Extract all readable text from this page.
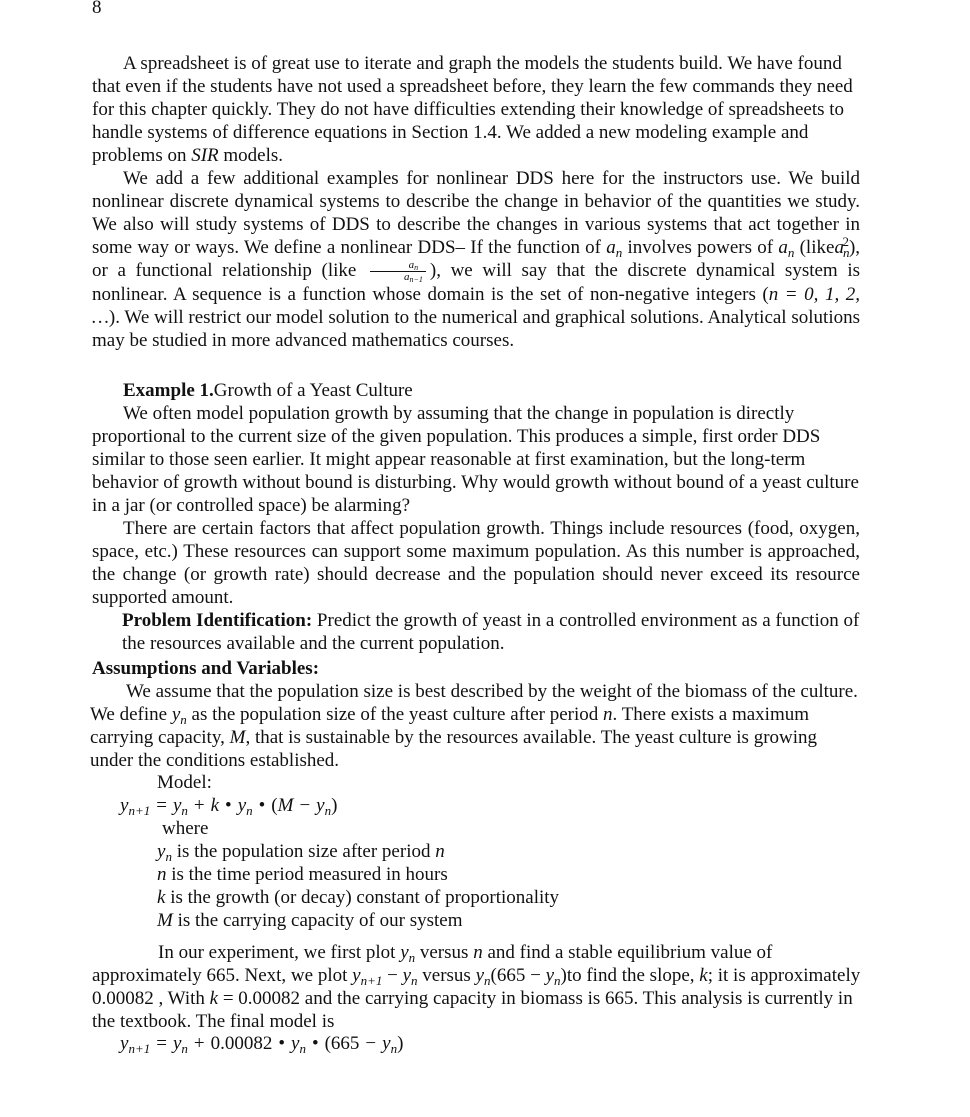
8

A spreadsheet is of great use to iterate and graph the models the students build. We have found that even if the students have not used a spreadsheet before, they learn the few commands they need for this chapter quickly. They do not have difficulties extending their knowledge of spreadsheets to handle systems of difference equations in Section 1.4. We added a new modeling example and problems on SIR models.

We add a few additional examples for nonlinear DDS here for the instructors use. We build nonlinear discrete dynamical systems to describe the change in behavior of the quantities we study. We also will study systems of DDS to describe the changes in various systems that act together in some way or ways. We define a nonlinear DDS– If the function of $a_n$ involves powers of $a_n$ (likea$_n^2$), or a functional relationship (like $\frac{a_n}{a_{n-1}}$ ), we will say that the discrete dynamical system is nonlinear. A sequence is a function whose domain is the set of non-negative integers (n = 0, 1, 2, …). We will restrict our model solution to the numerical and graphical solutions. Analytical solutions may be studied in more advanced mathematics courses.

Example 1.Growth of a Yeast Culture

We often model population growth by assuming that the change in population is directly proportional to the current size of the given population. This produces a simple, first order DDS similar to those seen earlier. It might appear reasonable at first examination, but the long-term behavior of growth without bound is disturbing. Why would growth without bound of a yeast culture in a jar (or controlled space) be alarming?

There are certain factors that affect population growth. Things include resources (food, oxygen, space, etc.) These resources can support some maximum population. As this number is approached, the change (or growth rate) should decrease and the population should never exceed its resource supported amount.

Problem Identification: Predict the growth of yeast in a controlled environment as a function of the resources available and the current population.

Assumptions and Variables:

We assume that the population size is best described by the weight of the biomass of the culture. We define $y_n$ as the population size of the yeast culture after period n. There exists a maximum carrying capacity, M, that is sustainable by the resources available. The yeast culture is growing under the conditions established.

Model:
$y_{n+1} = y_n + k$ • $y_n$ • $(M - y_n)$
where

$y_n$ is the population size after period n

n is the time period measured in hours

k is the growth (or decay) constant of proportionality

M is the carrying capacity of our system

In our experiment, we first plot $y_n$ versus n and find a stable equilibrium value of approximately 665. Next, we plot $y_{n+1} - y_n$ versus $y_n(665 - y_n)to$ find the slope, k; it is approximately 0.00082 , With k = 0.00082 and the carrying capacity in biomass is 665. This analysis is currently in the textbook. The final model is

$y_{n+1} = y_n + 0.00082$ • $y_n$ • $(665 - y_n)$
